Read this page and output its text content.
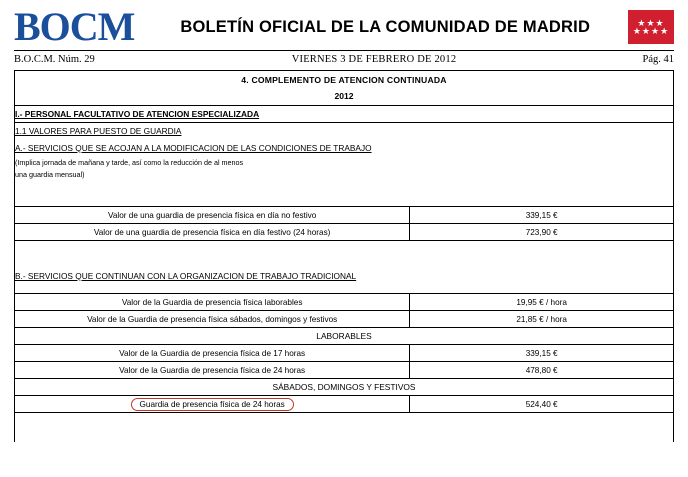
BOCM	BOLETÍN OFICIAL DE LA COMUNIDAD DE MADRID	★★★
★★★★
B.O.C.M. Núm. 29	VIERNES 3 DE FEBRERO DE 2012	Pág. 41
4. COMPLEMENTO DE ATENCION CONTINUADA	
2012	
I.- PERSONAL FACULTATIVO DE ATENCION ESPECIALIZADA	
1.1 VALORES PARA PUESTO DE GUARDIA	
A.- SERVICIOS QUE SE ACOJAN A LA MODIFICACION DE LAS CONDICIONES DE TRABAJO	
(Implica jornada de mañana y tarde, así como la reducción de al menos	
una guardia mensual)	

Valor de una guardia de presencia física en día no festivo	339,15 €
Valor de una guardia de presencia física en día festivo (24 horas)	723,90 €

B.- SERVICIOS QUE CONTINUAN CON LA ORGANIZACION DE TRABAJO TRADICIONAL	

Valor de la Guardia de presencia física laborables	19,95 € / hora
Valor de la Guardia de presencia física sábados, domingos y festivos	21,85 € / hora
LABORABLES	
Valor de la Guardia de presencia física de 17 horas	339,15 €
Valor de la Guardia de presencia física de 24 horas	478,80 €
SÁBADOS, DOMINGOS Y FESTIVOS	
Guardia de presencia física de 24 horas	524,40 €
